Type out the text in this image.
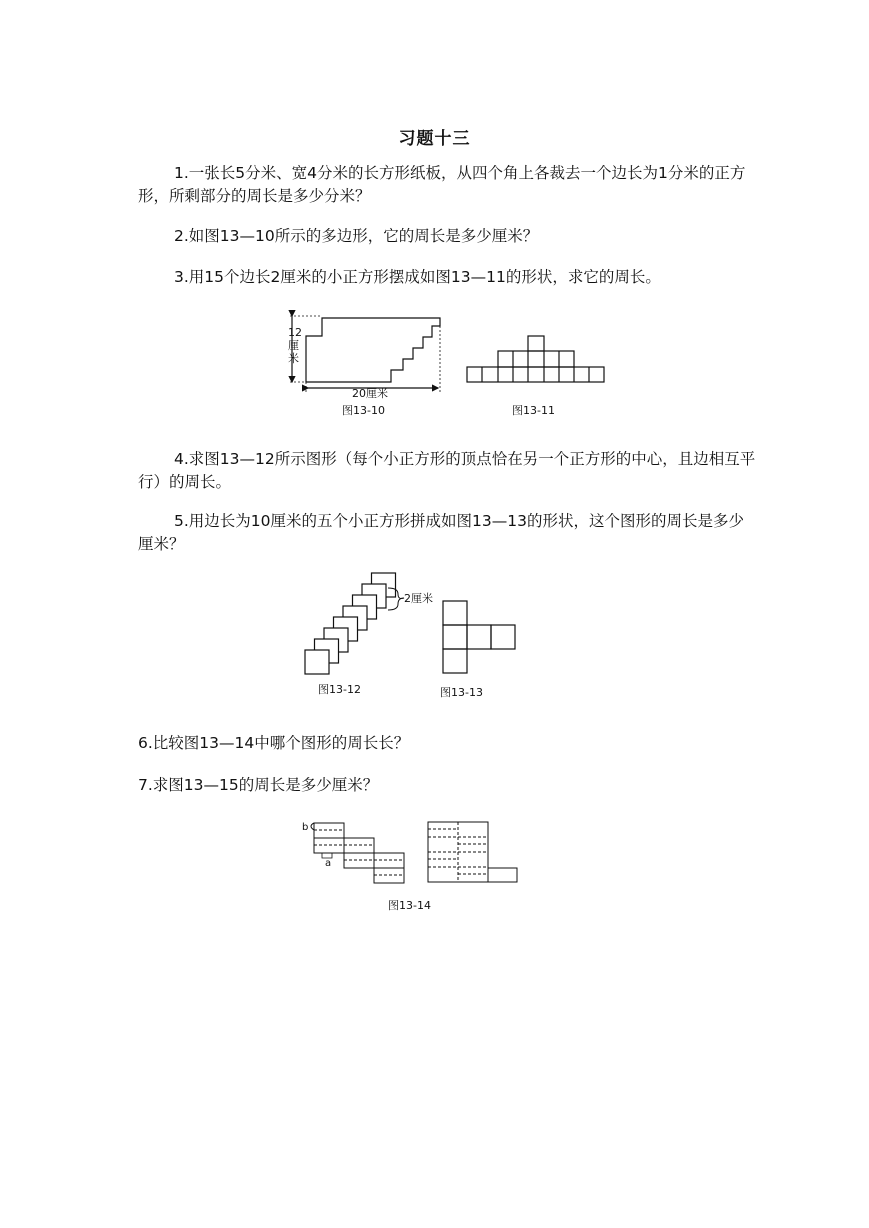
习题十三
1.一张长5分米、宽4分米的长方形纸板，从四个角上各裁去一个边长为1分米的正方形，所剩部分的周长是多少分米？
2.如图13—10所示的多边形，它的周长是多少厘米？
3.用15个边长2厘米的小正方形摆成如图13—11的形状，求它的周长。
4.求图13—12所示图形（每个小正方形的顶点恰在另一个正方形的中心，且边相互平行）的周长。
5.用边长为10厘米的五个小正方形拼成如图13—13的形状，这个图形的周长是多少厘米？
6.比较图13—14中哪个图形的周长长？
7.求图13—15的周长是多少厘米？
12
厘
米
20厘米
图13-10	图13-11
2厘米
图13-12	图13-13
b
a
图13-14
